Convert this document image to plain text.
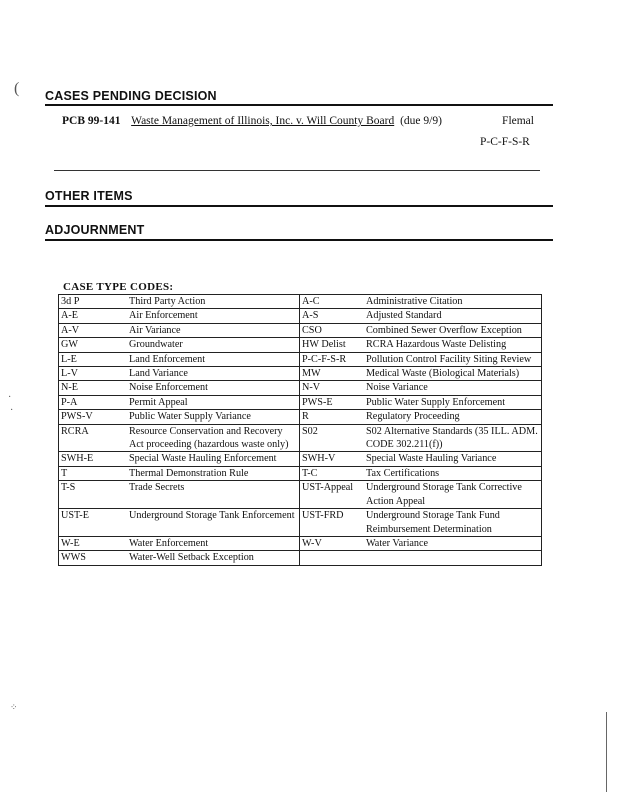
( CASES PENDING DECISION
PCB 99-141 Waste Management of Illinois, Inc. v. Will County Board (due 9/9)	Flemal
P-C-F-S-R
OTHER ITEMS
ADJOURNMENT
CASE TYPE CODES:
3d P Third Party Action	A-C Administrative Citation

A-E Air Enforcement	A-S Adjusted Standard

A-V Air Variance	CSO Combined Sewer Overflow Exception

GW Groundwater	HW Delist RCRA Hazardous Waste Delisting

L-E Land Enforcement	P-C-F-S-R Pollution Control Facility Siting Review

L-V Land Variance	MW Medical Waste (Biological Materials)

N-E Noise Enforcement	N-V Noise Variance

P-A Permit Appeal	PWS-E Public Water Supply Enforcement

PWS-V Public Water Supply Variance	R Regulatory Proceeding

RCRA Resource Conservation and Recovery Act proceeding (hazardous waste only)	S02 S02 Alternative Standards (35 ILL. ADM. CODE 302.211(f))

SWH-E Special Waste Hauling Enforcement	SWH-V Special Waste Hauling Variance

T Thermal Demonstration Rule	T-C Tax Certifications

T-S Trade Secrets	UST-Appeal Underground Storage Tank Corrective Action Appeal

UST-E Underground Storage Tank Enforcement	UST-FRD Underground Storage Tank Fund Reimbursement Determination

W-E Water Enforcement	W-V Water Variance

WWS Water-Well Setback Exception	

·
·
⁘
